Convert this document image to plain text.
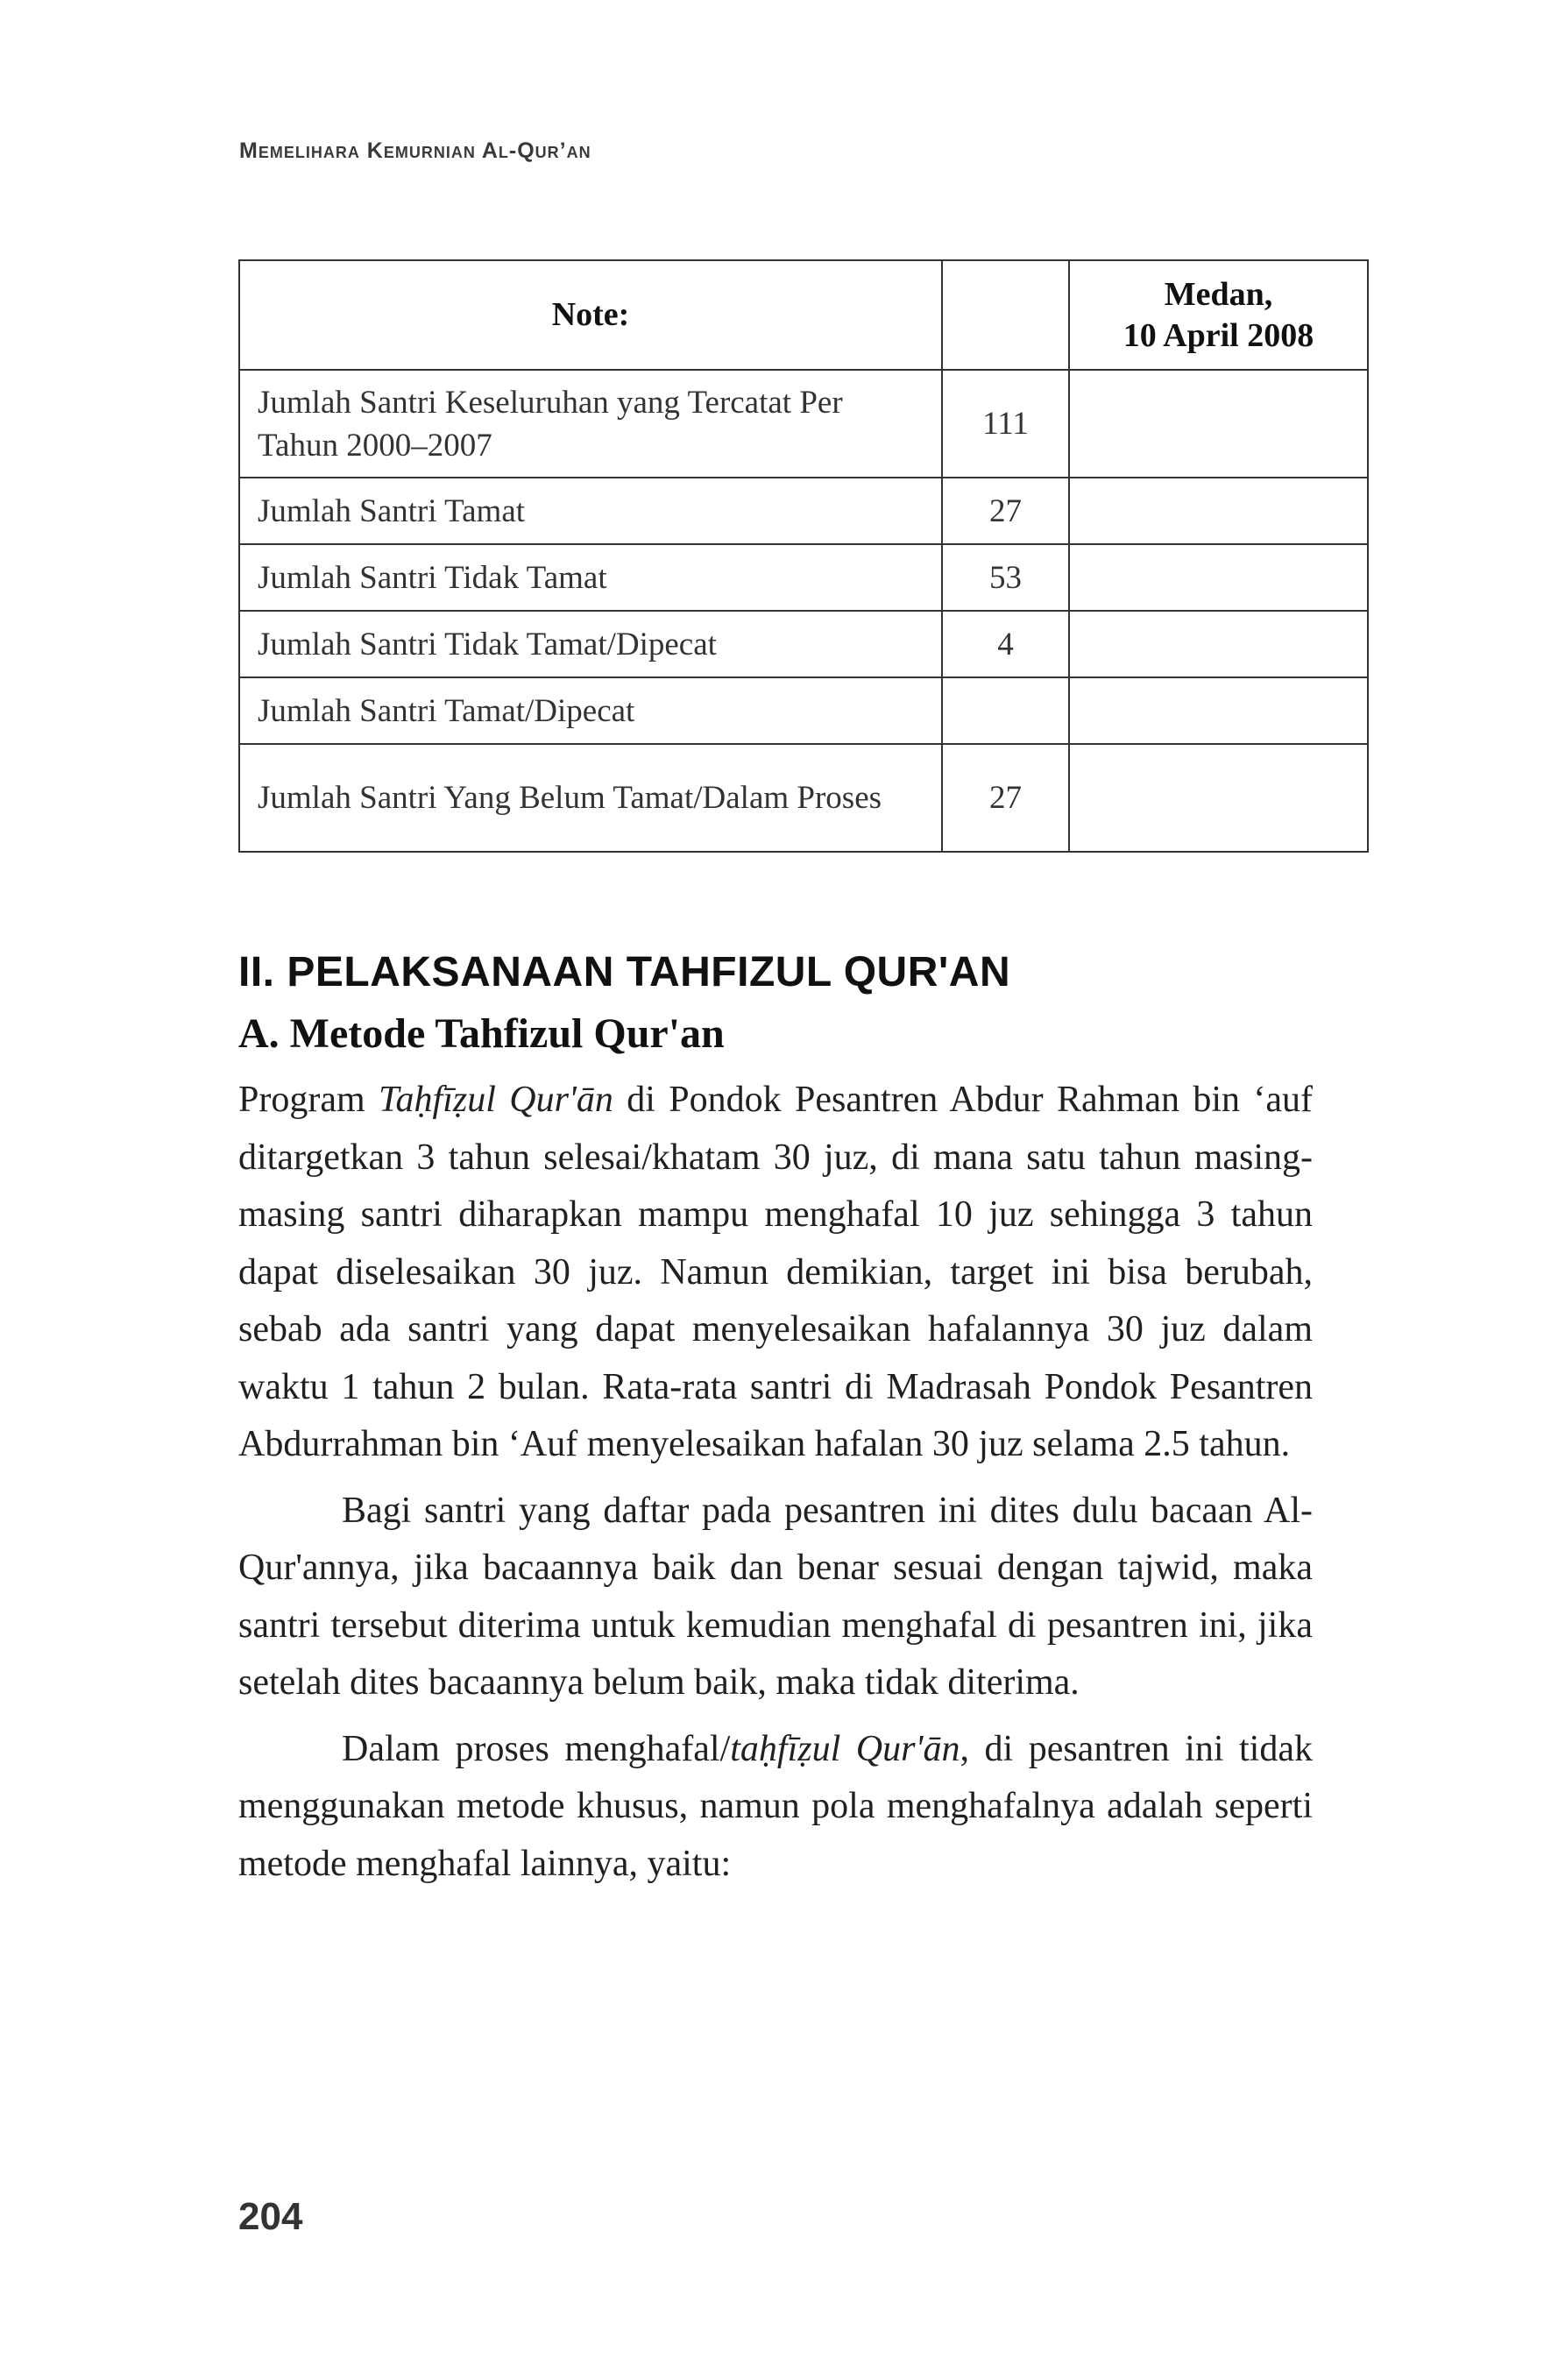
Memelihara Kemurnian Al-Qur’an

Note:		Medan,
10 April 2008

Jumlah Santri Keseluruhan yang Tercatat Per Tahun 2000–2007	111	
Jumlah Santri Tamat	27	
Jumlah Santri Tidak Tamat	53	
Jumlah Santri Tidak Tamat/Dipecat	4	
Jumlah Santri Tamat/Dipecat		
Jumlah Santri Yang Belum Tamat/Dalam Proses	27	
II. PELAKSANAAN TAHFIZUL QUR'AN
A. Metode Tahfizul Qur'an

Program Taḥfīẓul Qur'ān di Pondok Pesantren Abdur Rahman bin ‘auf ditargetkan 3 tahun selesai/khatam 30 juz, di mana satu tahun masing-masing santri diharapkan mampu menghafal 10 juz sehingga 3 tahun dapat diselesaikan 30 juz. Namun demikian, target ini bisa berubah, sebab ada santri yang dapat menyelesaikan hafalannya 30 juz dalam waktu 1 tahun 2 bulan. Rata-rata santri di Madrasah Pondok Pesantren Abdurrahman bin ‘Auf menyelesaikan hafalan 30 juz selama 2.5 tahun.

Bagi santri yang daftar pada pesantren ini dites dulu bacaan Al-Qur'annya, jika bacaannya baik dan benar sesuai dengan tajwid, maka santri tersebut diterima untuk kemudian menghafal di pesantren ini, jika setelah dites bacaannya belum baik, maka tidak diterima.

Dalam proses menghafal/taḥfīẓul Qur'ān, di pesantren ini tidak menggunakan metode khusus, namun pola menghafalnya adalah seperti metode menghafal lainnya, yaitu:

204
